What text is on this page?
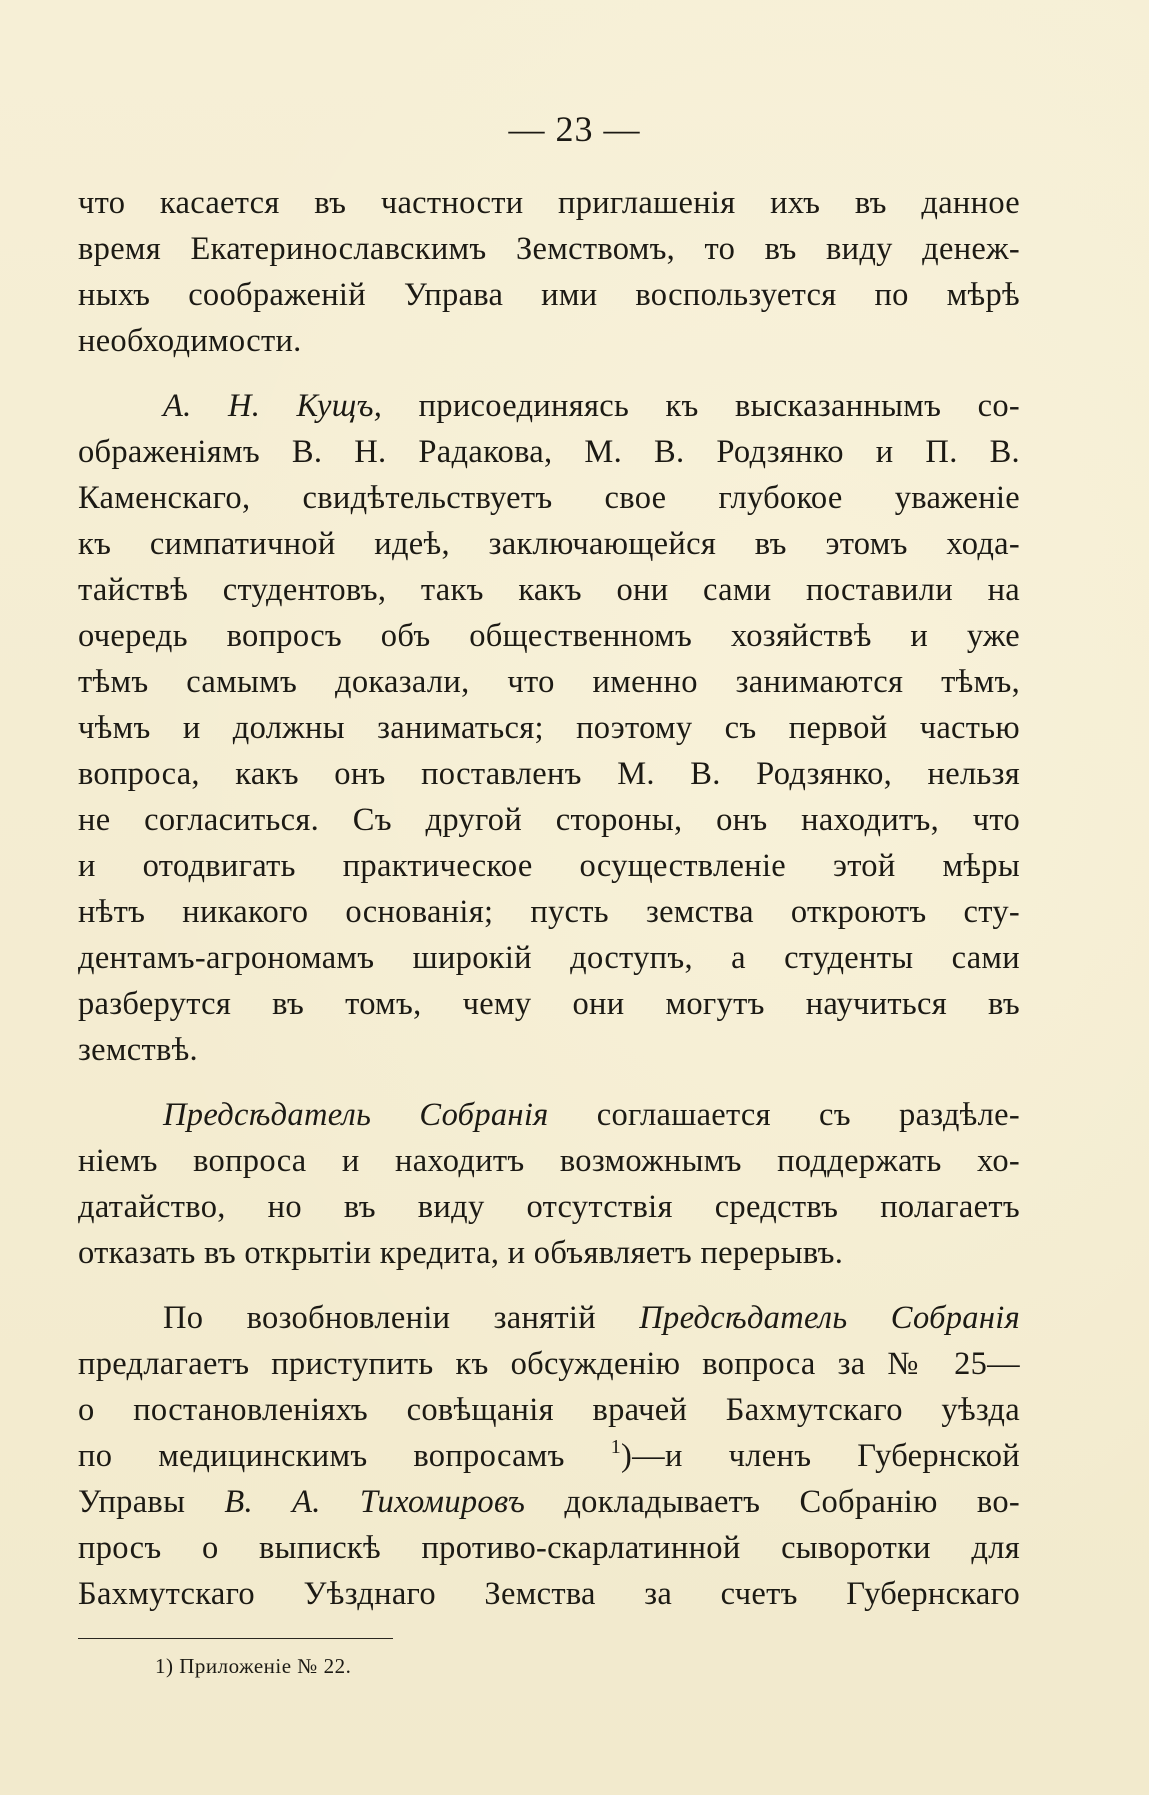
— 23 —
что касается въ частности приглашенія ихъ въ данное
время Екатеринославскимъ Земствомъ, то въ виду денеж-
ныхъ соображеній Управа ими воспользуется по мѣрѣ
необходимости.
А. Н. Кущъ, присоединяясь къ высказаннымъ со-
ображеніямъ В. Н. Радакова, М. В. Родзянко и П. В.
Каменскаго, свидѣтельствуетъ свое глубокое уваженіе
къ симпатичной идеѣ, заключающейся въ этомъ хода-
тайствѣ студентовъ, такъ какъ они сами поставили на
очередь вопросъ объ общественномъ хозяйствѣ и уже
тѣмъ самымъ доказали, что именно занимаются тѣмъ,
чѣмъ и должны заниматься; поэтому съ первой частью
вопроса, какъ онъ поставленъ М. В. Родзянко, нельзя
не согласиться. Съ другой стороны, онъ находитъ, что
и отодвигать практическое осуществленіе этой мѣры
нѣтъ никакого основанія; пусть земства откроютъ сту-
дентамъ-агрономамъ широкій доступъ, а студенты сами
разберутся въ томъ, чему они могутъ научиться въ
земствѣ.
Предсѣдатель Собранія соглашается съ раздѣле-
ніемъ вопроса и находитъ возможнымъ поддержать хо-
датайство, но въ виду отсутствія средствъ полагаетъ
отказать въ открытіи кредита, и объявляетъ перерывъ.
По возобновленіи занятій Предсѣдатель Собранія
предлагаетъ приступить къ обсужденію вопроса за № 25—
о постановленіяхъ совѣщанія врачей Бахмутскаго уѣзда
по медицинскимъ вопросамъ $^1$)—и членъ Губернской
Управы В. А. Тихомировъ докладываетъ Собранію во-
просъ о выпискѣ противо-скарлатинной сыворотки для
Бахмутскаго Уѣзднаго Земства за счетъ Губернскаго
1) Приложеніе № 22.
